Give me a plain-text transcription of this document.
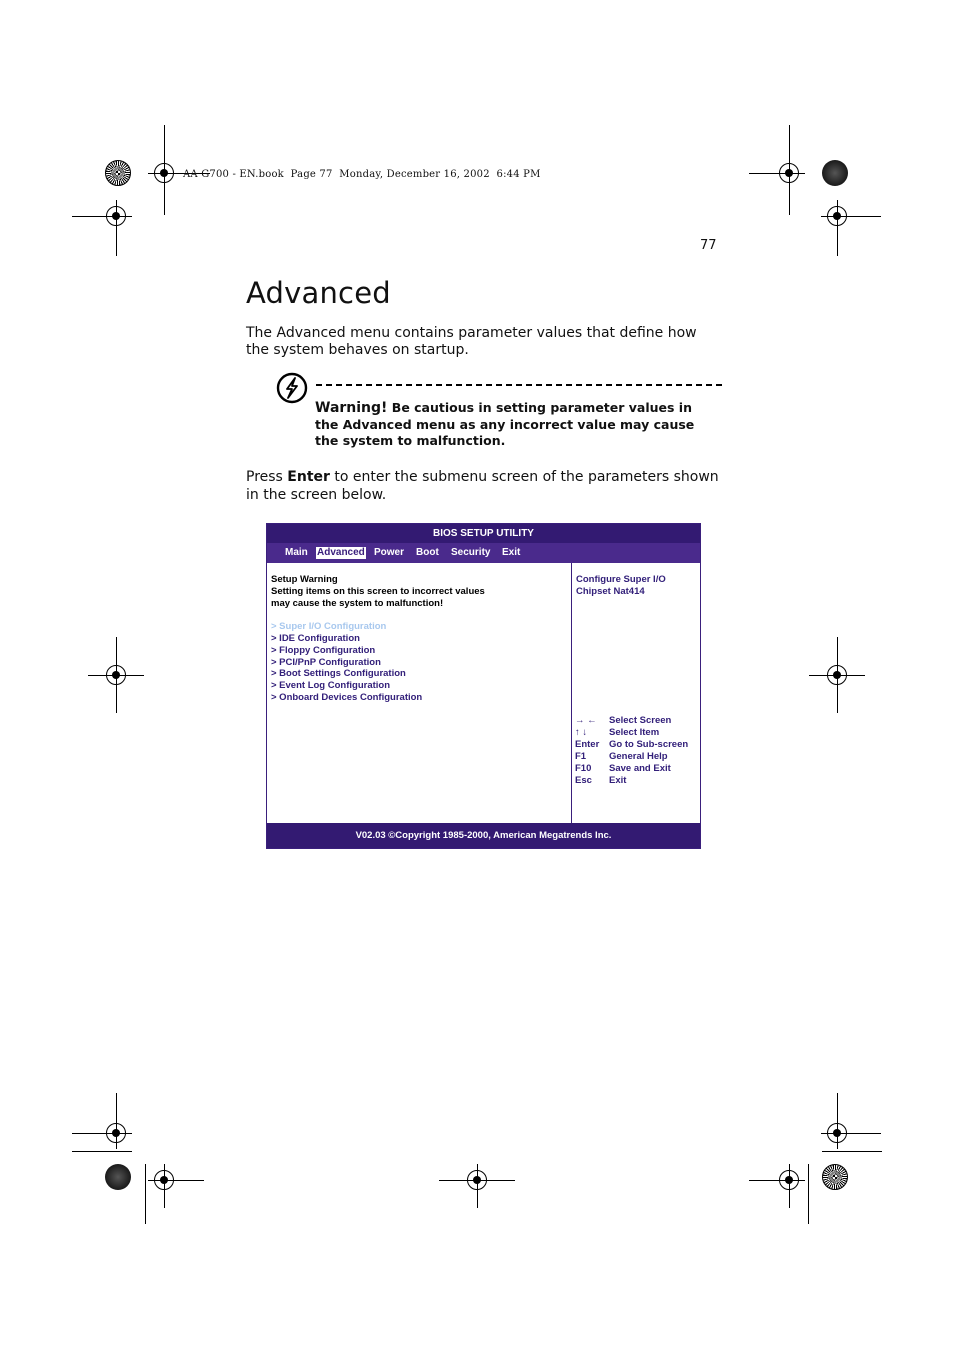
AA G700 - EN.book  Page 77  Monday, December 16, 2002  6:44 PM
77
Advanced

The Advanced menu contains parameter values that define how the system behaves on startup.

Warning! Be cautious in setting parameter values in the Advanced menu as any incorrect value may cause the system to malfunction.

Press Enter to enter the submenu screen of the parameters shown in the screen below.

BIOS SETUP UTILITY
Main Advanced Power Boot Security Exit
Setup Warning
Setting items on this screen to incorrect values
may cause the system to malfunction!
> Super I/O Configuration
> IDE Configuration
> Floppy Configuration
> PCI/PnP Configuration
> Boot Settings Configuration
> Event Log Configuration
> Onboard Devices Configuration
Configure Super I/O
Chipset Nat414
→ ←	Select Screen
↑ ↓	Select Item
Enter	Go to Sub-screen
F1	General Help
F10	Save and Exit
Esc	Exit
V02.03 ©Copyright 1985-2000, American Megatrends Inc.
